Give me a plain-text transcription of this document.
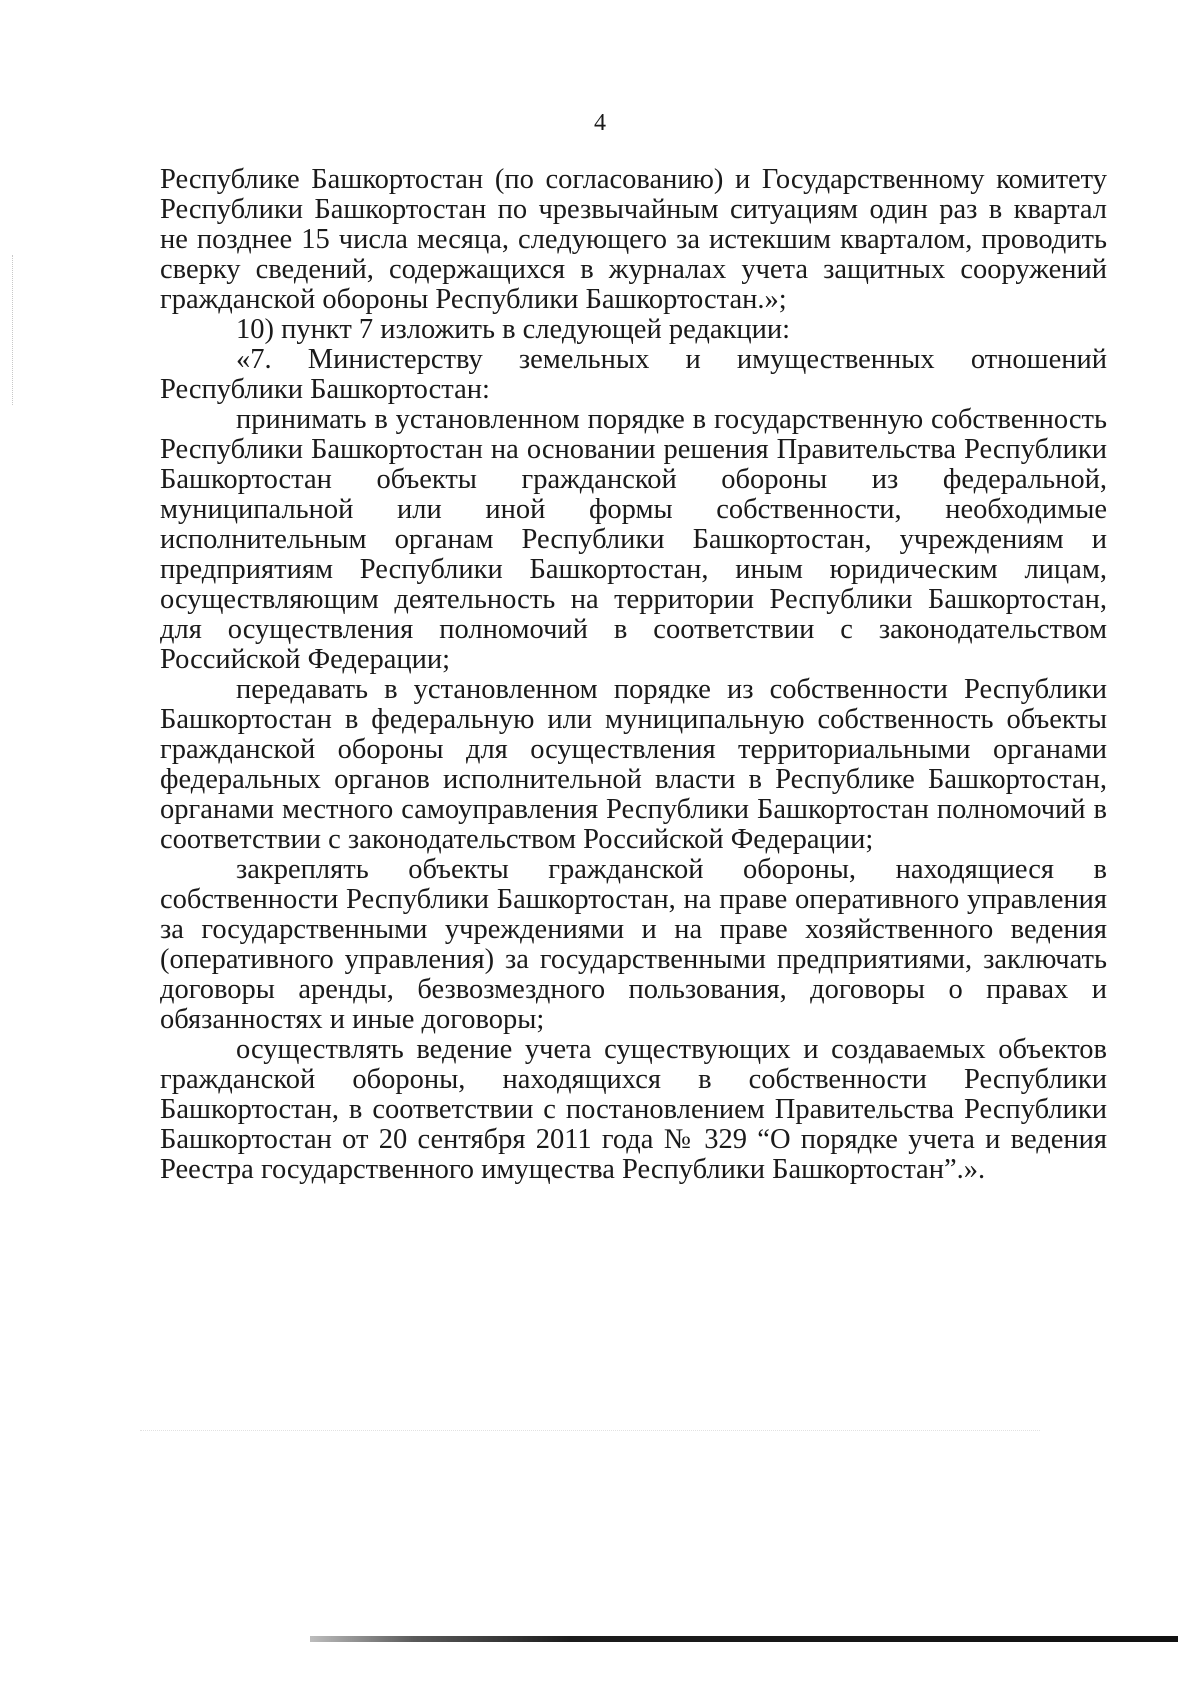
4

Республике Башкортостан (по согласованию) и Государственному комитету Республики Башкортостан по чрезвычайным ситуациям один раз в квартал не позднее 15 числа месяца, следующего за истекшим кварталом, проводить сверку сведений, содержащихся в журналах учета защитных сооружений гражданской обороны Республики Башкортостан.»;

10) пункт 7 изложить в следующей редакции:

«7. Министерству земельных и имущественных отношений Республики Башкортостан:

принимать в установленном порядке в государственную собственность Республики Башкортостан на основании решения Правительства Республики Башкортостан объекты гражданской обороны из федеральной, муниципальной или иной формы собственности, необходимые исполнительным органам Республики Башкортостан, учреждениям и предприятиям Республики Башкортостан, иным юридическим лицам, осуществляющим деятельность на территории Республики Башкортостан, для осуществления полномочий в соответствии с законодательством Российской Федерации;

передавать в установленном порядке из собственности Республики Башкортостан в федеральную или муниципальную собственность объекты гражданской обороны для осуществления территориальными органами федеральных органов исполнительной власти в Республике Башкортостан, органами местного самоуправления Республики Башкортостан полномочий в соответствии с законодательством Российской Федерации;

закреплять объекты гражданской обороны, находящиеся в собственности Республики Башкортостан, на праве оперативного управления за государственными учреждениями и на праве хозяйственного ведения (оперативного управления) за государственными предприятиями, заключать договоры аренды, безвозмездного пользования, договоры о правах и обязанностях и иные договоры;

осуществлять ведение учета существующих и создаваемых объектов гражданской обороны, находящихся в собственности Республики Башкортостан, в соответствии с постановлением Правительства Республики Башкортостан от 20 сентября 2011 года № 329 “О порядке учета и ведения Реестра государственного имущества Республики Башкортостан”.».
